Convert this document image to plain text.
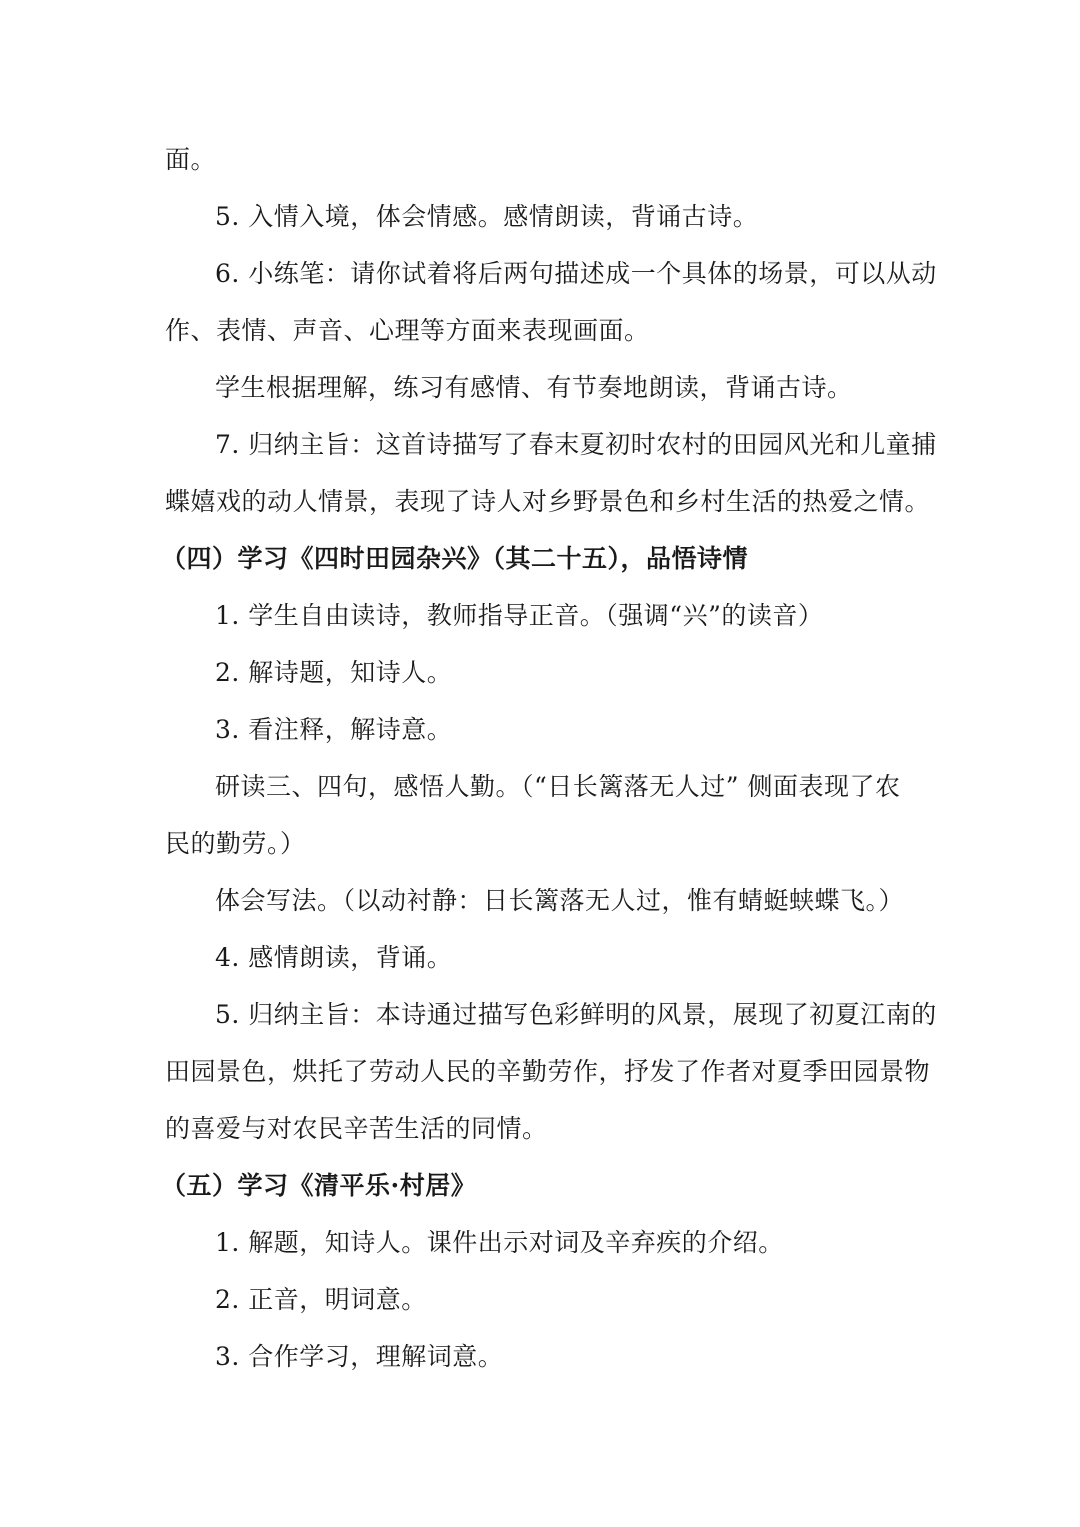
面。
5. 入情入境，体会情感。感情朗读，背诵古诗。
6. 小练笔：请你试着将后两句描述成一个具体的场景，可以从动
作、表情、声音、心理等方面来表现画面。
学生根据理解，练习有感情、有节奏地朗读，背诵古诗。
7. 归纳主旨：这首诗描写了春末夏初时农村的田园风光和儿童捕
蝶嬉戏的动人情景，表现了诗人对乡野景色和乡村生活的热爱之情。
（四）学习《四时田园杂兴》（其二十五），品悟诗情
1. 学生自由读诗，教师指导正音。（强调“兴”的读音）
2. 解诗题，知诗人。
3. 看注释，解诗意。
研读三、四句，感悟人勤。（“日长篱落无人过” 侧面表现了农
民的勤劳。）
体会写法。（以动衬静：日长篱落无人过，惟有蜻蜓蛱蝶飞。）
4. 感情朗读，背诵。
5. 归纳主旨：本诗通过描写色彩鲜明的风景，展现了初夏江南的
田园景色，烘托了劳动人民的辛勤劳作，抒发了作者对夏季田园景物
的喜爱与对农民辛苦生活的同情。
（五）学习《清平乐·村居》
1. 解题，知诗人。课件出示对词及辛弃疾的介绍。
2. 正音，明词意。
3. 合作学习，理解词意。
